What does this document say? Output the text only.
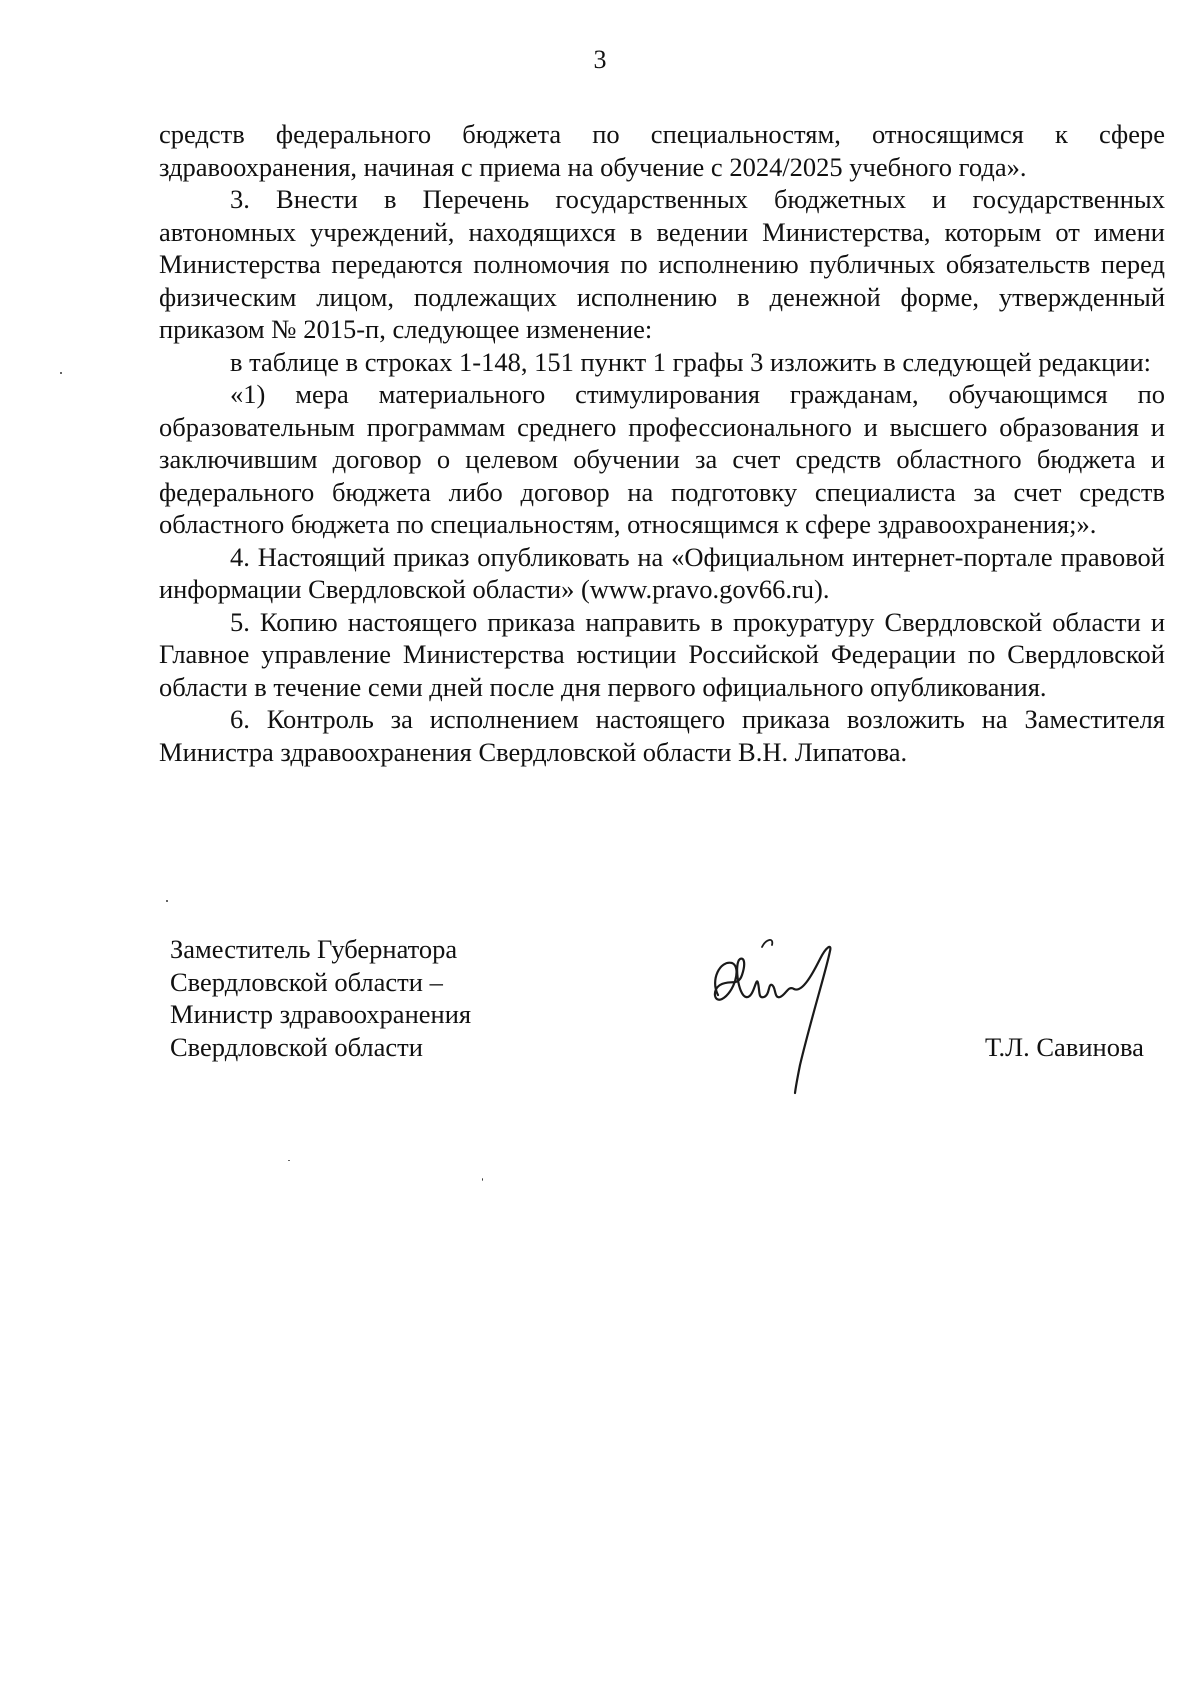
3

средств федерального бюджета по специальностям, относящимся к сфере здравоохранения, начиная с приема на обучение с 2024/2025 учебного года».

3. Внести в Перечень государственных бюджетных и государственных автономных учреждений, находящихся в ведении Министерства, которым от имени Министерства передаются полномочия по исполнению публичных обязательств перед физическим лицом, подлежащих исполнению в денежной форме, утвержденный приказом № 2015-п, следующее изменение:

в таблице в строках 1-148, 151 пункт 1 графы 3 изложить в следующей редакции:

«1) мера материального стимулирования гражданам, обучающимся по образовательным программам среднего профессионального и высшего образования и заключившим договор о целевом обучении за счет средств областного бюджета и федерального бюджета либо договор на подготовку специалиста за счет средств областного бюджета по специальностям, относящимся к сфере здравоохранения;».

4. Настоящий приказ опубликовать на «Официальном интернет-портале правовой информации Свердловской области» (www.pravo.gov66.ru).

5. Копию настоящего приказа направить в прокуратуру Свердловской области и Главное управление Министерства юстиции Российской Федерации по Свердловской области в течение семи дней после дня первого официального опубликования.

6. Контроль за исполнением настоящего приказа возложить на Заместителя Министра здравоохранения Свердловской области В.Н. Липатова.

Заместитель Губернатора
Свердловской области –
Министр здравоохранения
Свердловской области	Т.Л. Савинова
